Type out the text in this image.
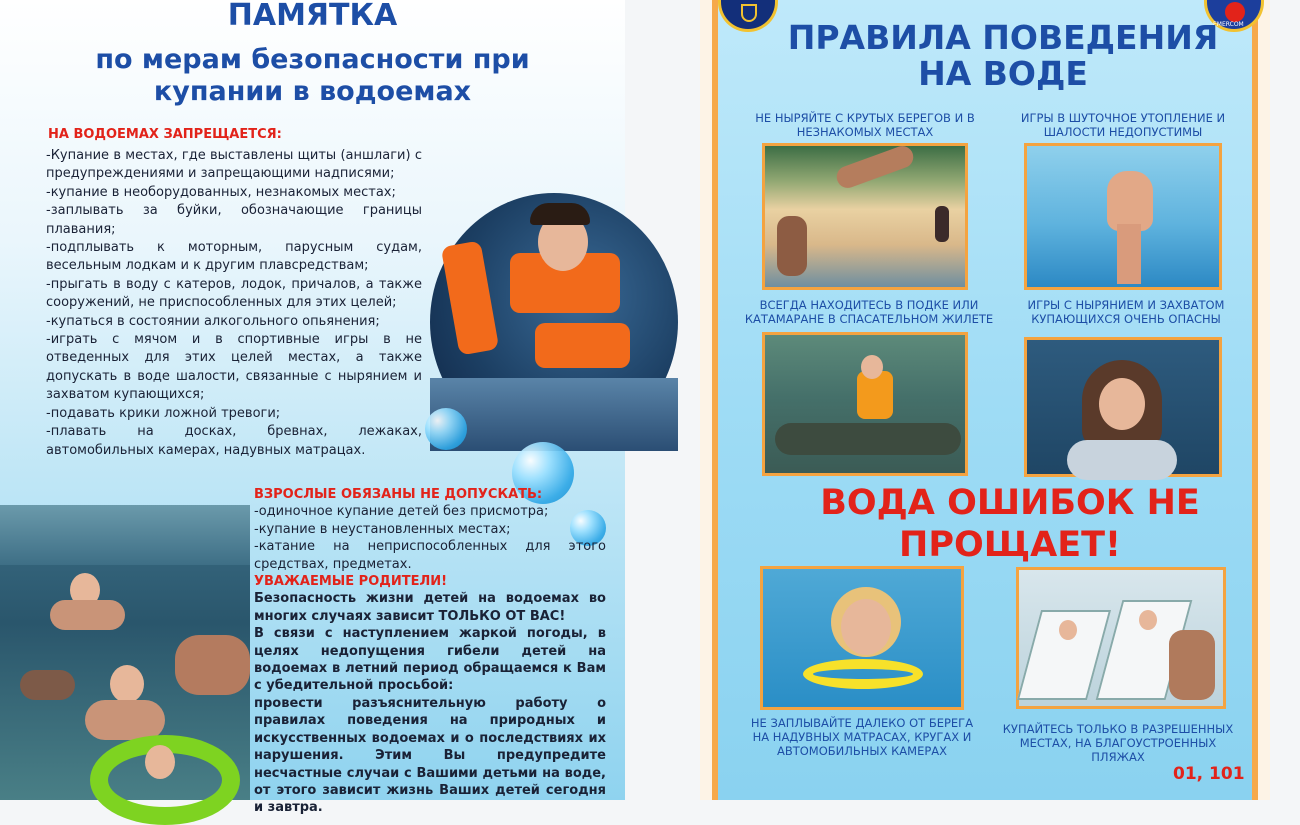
ПАМЯТКА
по мерам безопасности при купании в водоемах
НА ВОДОЕМАХ ЗАПРЕЩАЕТСЯ:
-Купание в местах, где выставлены щиты (аншлаги) с предупреждениями и запрещающими надписями;
-купание в необорудованных, незнакомых местах;
-заплывать за буйки, обозначающие границы плавания;
-подплывать к моторным, парусным судам, весельным лодкам и к другим плавсредствам;
-прыгать в воду с катеров, лодок, причалов, а также сооружений, не приспособленных для этих целей;
-купаться в состоянии алкогольного опьянения;
-играть с мячом и в спортивные игры в не отведенных для этих целей местах, а также допускать в воде шалости, связанные с нырянием и захватом купающихся;
-подавать крики ложной тревоги;
-плавать на досках, бревнах, лежаках, автомобильных камерах, надувных матрацах.
ВЗРОСЛЫЕ ОБЯЗАНЫ НЕ ДОПУСКАТЬ:
-одиночное купание детей без присмотра;
-купание в неустановленных местах;
-катание на неприспособленных для этого средствах, предметах.
УВАЖАЕМЫЕ РОДИТЕЛИ!
Безопасность жизни детей на водоемах во многих случаях зависит ТОЛЬКО ОТ ВАС!
В связи с наступлением жаркой погоды, в целях недопущения гибели детей на водоемах в летний период обращаемся к Вам с убедительной просьбой:
провести разъяснительную работу о правилах поведения на природных и искусственных водоемах и о последствиях их нарушения. Этим Вы предупредите несчастные случаи с Вашими детьми на воде, от этого зависит жизнь Ваших детей сегодня и завтра.
EMERCOM
ПРАВИЛА ПОВЕДЕНИЯ НА ВОДЕ
НЕ НЫРЯЙТЕ С КРУТЫХ БЕРЕГОВ И В НЕЗНАКОМЫХ МЕСТАХ
ИГРЫ В ШУТОЧНОЕ УТОПЛЕНИЕ И ШАЛОСТИ НЕДОПУСТИМЫ
ВСЕГДА НАХОДИТЕСЬ В ПОДКЕ ИЛИ КАТАМАРАНЕ В СПАСАТЕЛЬНОМ ЖИЛЕТЕ
ИГРЫ С НЫРЯНИЕМ И ЗАХВАТОМ КУПАЮЩИХСЯ ОЧЕНЬ ОПАСНЫ
ВОДА ОШИБОК НЕ ПРОЩАЕТ!
НЕ ЗАПЛЫВАЙТЕ ДАЛЕКО ОТ БЕРЕГА НА НАДУВНЫХ МАТРАСАХ, КРУГАХ И АВТОМОБИЛЬНЫХ КАМЕРАХ
КУПАЙТЕСЬ ТОЛЬКО В РАЗРЕШЕННЫХ МЕСТАХ, НА БЛАГОУСТРОЕННЫХ ПЛЯЖАХ
01, 101
